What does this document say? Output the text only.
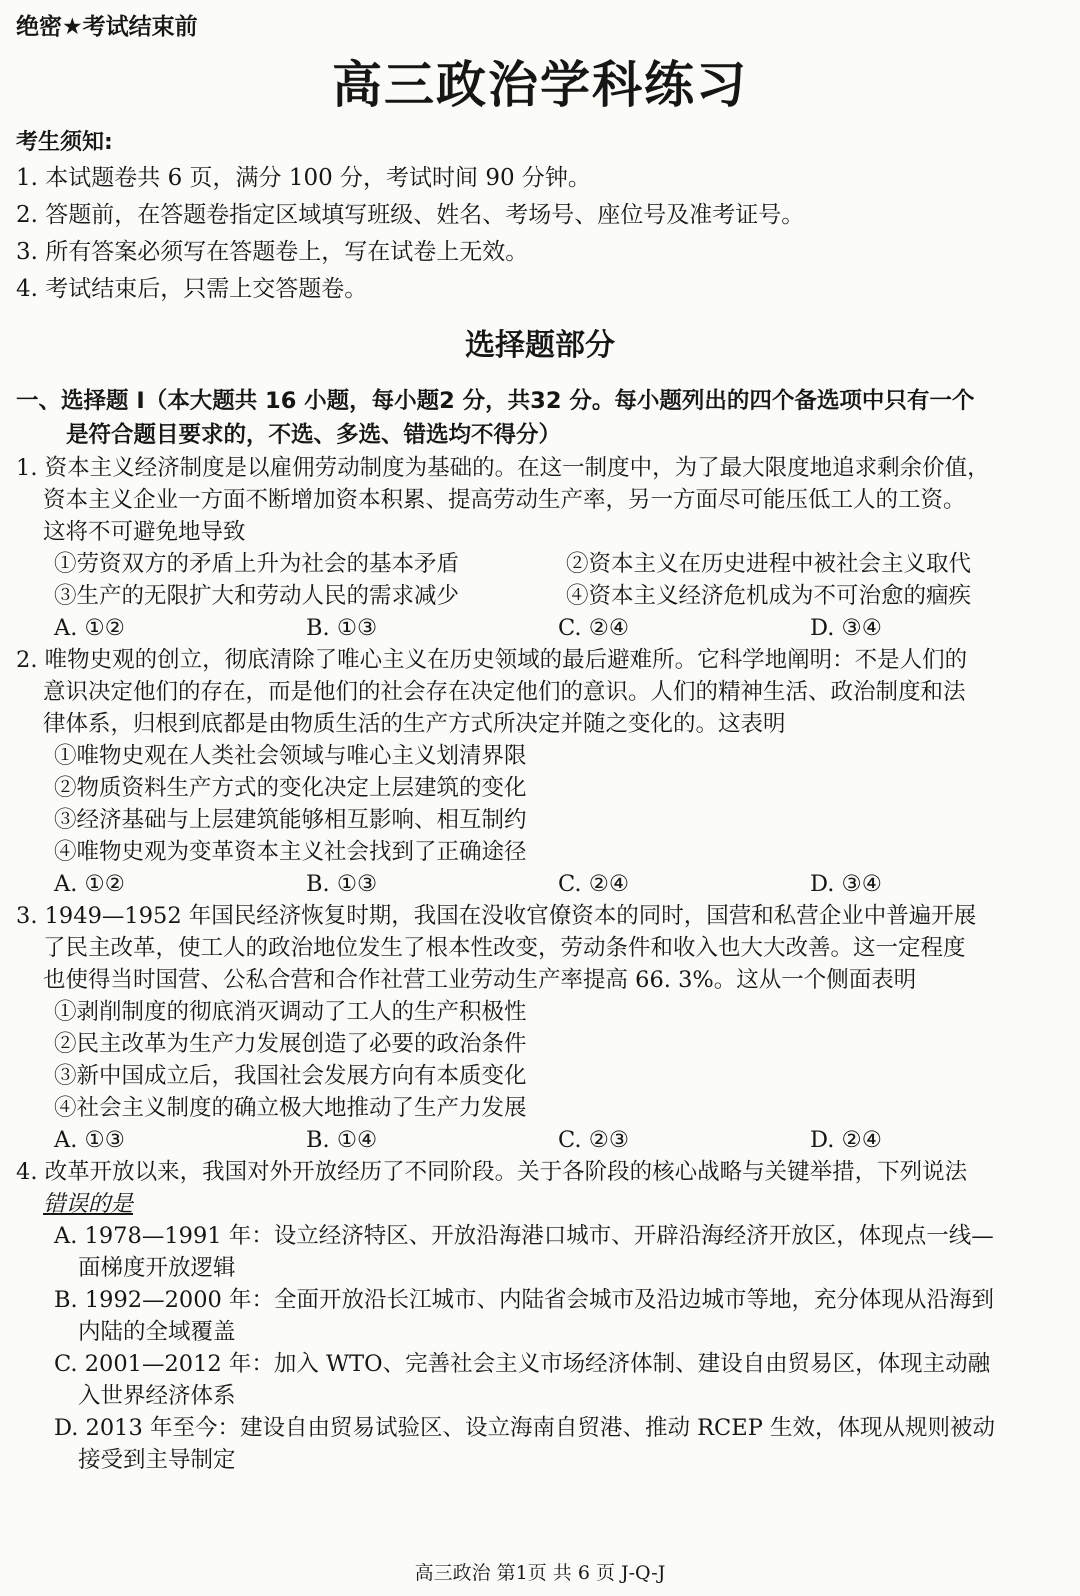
绝密★考试结束前
高三政治学科练习
考生须知:
1. 本试题卷共 6 页，满分 100 分，考试时间 90 分钟。
2. 答题前，在答题卷指定区域填写班级、姓名、考场号、座位号及准考证号。
3. 所有答案必须写在答题卷上，写在试卷上无效。
4. 考试结束后，只需上交答题卷。
选择题部分
一、选择题 I（本大题共 16 小题，每小题2 分，共32 分。每小题列出的四个备选项中只有一个
是符合题目要求的，不选、多选、错选均不得分）
1. 资本主义经济制度是以雇佣劳动制度为基础的。在这一制度中，为了最大限度地追求剩余价值，
资本主义企业一方面不断增加资本积累、提高劳动生产率，另一方面尽可能压低工人的工资。
这将不可避免地导致
①劳资双方的矛盾上升为社会的基本矛盾	②资本主义在历史进程中被社会主义取代
③生产的无限扩大和劳动人民的需求减少	④资本主义经济危机成为不可治愈的痼疾
A. ①②	B. ①③	C. ②④	D. ③④
2. 唯物史观的创立，彻底清除了唯心主义在历史领域的最后避难所。它科学地阐明：不是人们的
意识决定他们的存在，而是他们的社会存在决定他们的意识。人们的精神生活、政治制度和法
律体系，归根到底都是由物质生活的生产方式所决定并随之变化的。这表明
①唯物史观在人类社会领域与唯心主义划清界限
②物质资料生产方式的变化决定上层建筑的变化
③经济基础与上层建筑能够相互影响、相互制约
④唯物史观为变革资本主义社会找到了正确途径
A. ①②	B. ①③	C. ②④	D. ③④
3. 1949—1952 年国民经济恢复时期，我国在没收官僚资本的同时，国营和私营企业中普遍开展
了民主改革，使工人的政治地位发生了根本性改变，劳动条件和收入也大大改善。这一定程度
也使得当时国营、公私合营和合作社营工业劳动生产率提高 66. 3%。这从一个侧面表明
①剥削制度的彻底消灭调动了工人的生产积极性
②民主改革为生产力发展创造了必要的政治条件
③新中国成立后，我国社会发展方向有本质变化
④社会主义制度的确立极大地推动了生产力发展
A. ①③	B. ①④	C. ②③	D. ②④
4. 改革开放以来，我国对外开放经历了不同阶段。关于各阶段的核心战略与关键举措，下列说法
错误的是
A. 1978—1991 年：设立经济特区、开放沿海港口城市、开辟沿海经济开放区，体现点一线—
面梯度开放逻辑
B. 1992—2000 年：全面开放沿长江城市、内陆省会城市及沿边城市等地，充分体现从沿海到
内陆的全域覆盖
C. 2001—2012 年：加入 WTO、完善社会主义市场经济体制、建设自由贸易区，体现主动融
入世界经济体系
D. 2013 年至今：建设自由贸易试验区、设立海南自贸港、推动 RCEP 生效，体现从规则被动
接受到主导制定
高三政治 第1页 共 6 页 J-Q-J
